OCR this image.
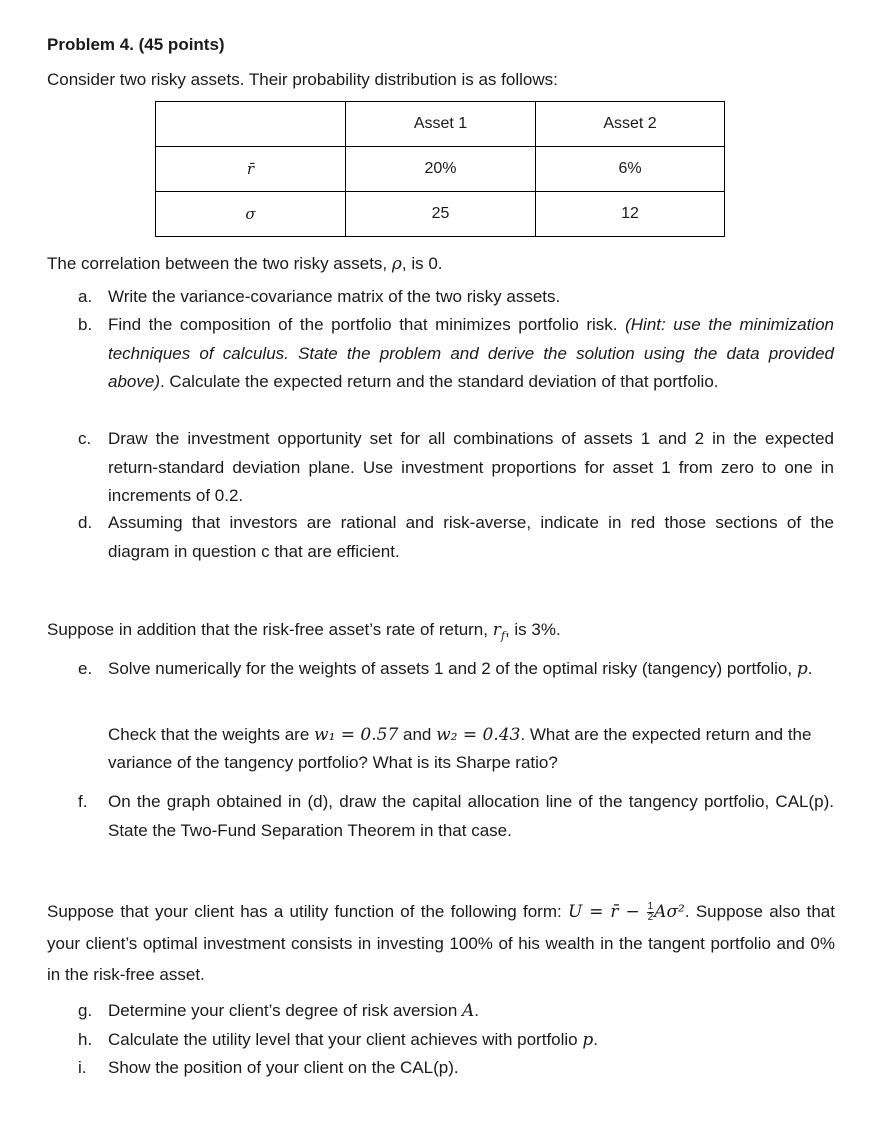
Problem 4. (45 points)
Consider two risky assets. Their probability distribution is as follows:
	Asset 1	Asset 2
r̄	20%	6%
σ	25	12
The correlation between the two risky assets, ρ, is 0.
a. Write the variance-covariance matrix of the two risky assets.
b. Find the composition of the portfolio that minimizes portfolio risk. (Hint: use the minimization techniques of calculus. State the problem and derive the solution using the data provided above). Calculate the expected return and the standard deviation of that portfolio.
c. Draw the investment opportunity set for all combinations of assets 1 and 2 in the expected return-standard deviation plane. Use investment proportions for asset 1 from zero to one in increments of 0.2.
d. Assuming that investors are rational and risk-averse, indicate in red those sections of the diagram in question c that are efficient.
Suppose in addition that the risk-free asset’s rate of return, $r_f$, is 3%.
e. Solve numerically for the weights of assets 1 and 2 of the optimal risky (tangency) portfolio, p.
Check that the weights are w₁ = 0.57 and w₂ = 0.43. What are the expected return and the variance of the tangency portfolio? What is its Sharpe ratio?
f.	On the graph obtained in (d), draw the capital allocation line of the tangency portfolio, CAL(p). State the Two-Fund Separation Theorem in that case.
Suppose that your client has a utility function of the following form: U = r̄ − $\frac{1}{2} A\sigma^2$. Suppose also that your client’s optimal investment consists in investing 100% of his wealth in the tangent portfolio and 0% in the risk-free asset.
g. Determine your client’s degree of risk aversion A.
h. Calculate the utility level that your client achieves with portfolio p.
i.	Show the position of your client on the CAL(p).
